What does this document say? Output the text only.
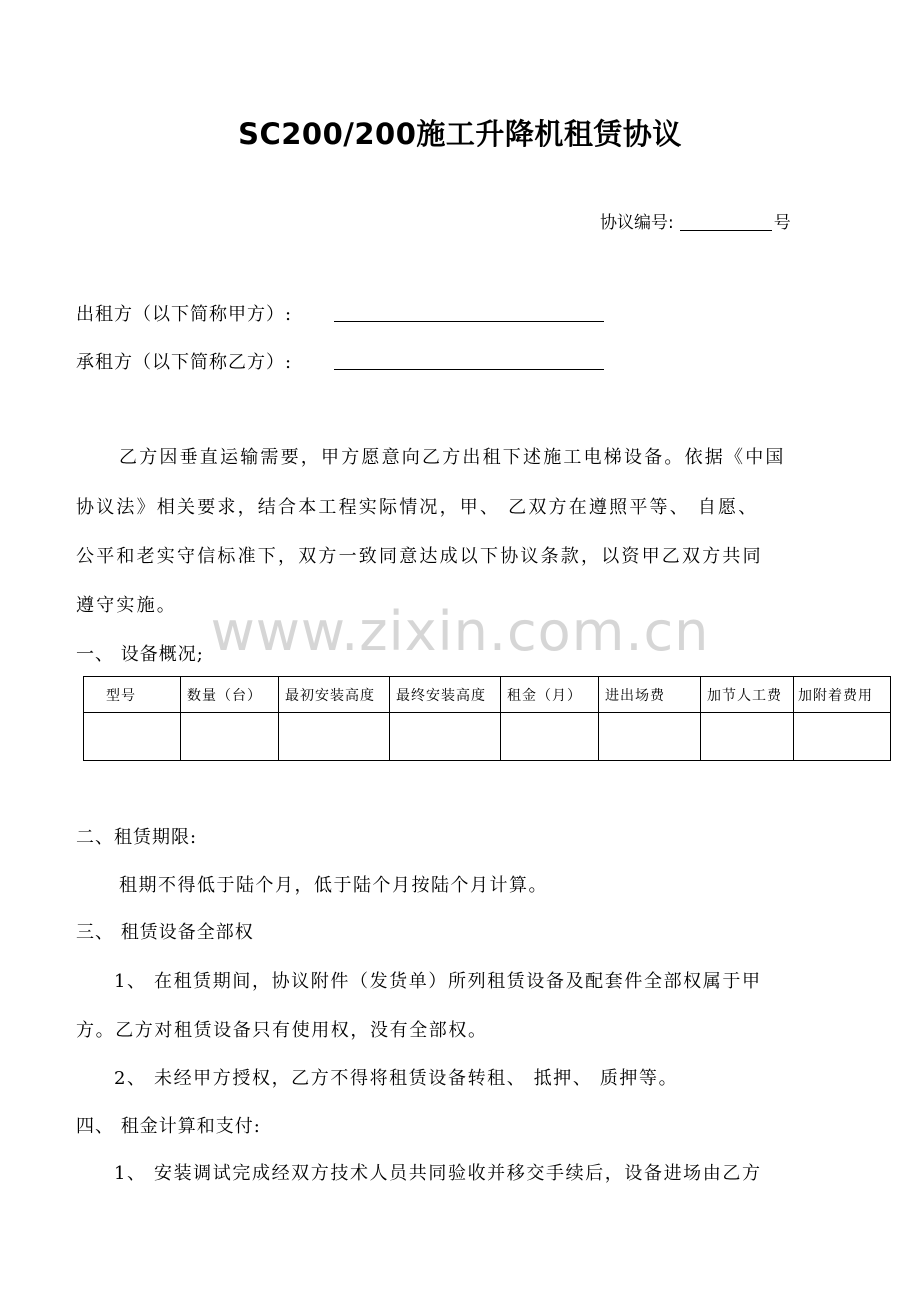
SC200/200施工升降机租赁协议
协议编号:	号
出租方（以下简称甲方）:
承租方（以下简称乙方）:
乙方因垂直运输需要，甲方愿意向乙方出租下述施工电梯设备。依据《中国
协议法》相关要求，结合本工程实际情况，甲、 乙双方在遵照平等、 自愿、
公平和老实守信标准下，双方一致同意达成以下协议条款，以资甲乙双方共同
遵守实施。 www.zixin.com.cn
一、 设备概况;
型号	数量（台）	最初安装高度	最终安装高度	租金（月）	进出场费	加节人工费	加附着费用

二、租赁期限:
租期不得低于陆个月，低于陆个月按陆个月计算。
三、 租赁设备全部权
1、 在租赁期间，协议附件（发货单）所列租赁设备及配套件全部权属于甲
方。乙方对租赁设备只有使用权，没有全部权。
2、 未经甲方授权，乙方不得将租赁设备转租、 抵押、 质押等。
四、 租金计算和支付:
1、 安装调试完成经双方技术人员共同验收并移交手续后，设备进场由乙方
